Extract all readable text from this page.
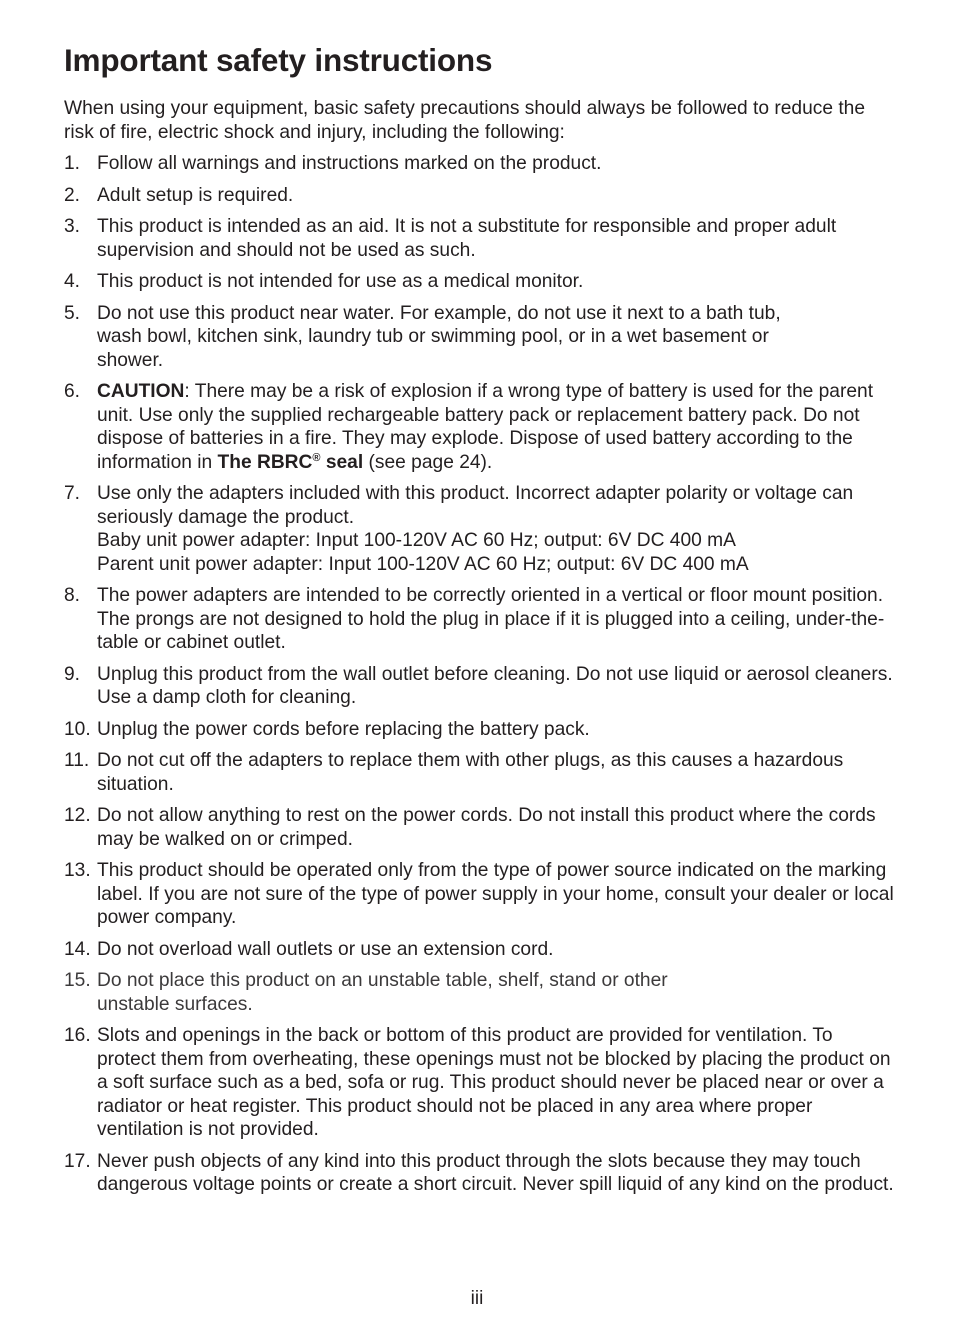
Important safety instructions

When using your equipment, basic safety precautions should always be followed to reduce the risk of fire, electric shock and injury, including the following:

1. Follow all warnings and instructions marked on the product.
2. Adult setup is required.
3. This product is intended as an aid. It is not a substitute for responsible and proper adult supervision and should not be used as such.
4. This product is not intended for use as a medical monitor.
5. Do not use this product near water. For example, do not use it next to a bath tub, wash bowl, kitchen sink, laundry tub or swimming pool, or in a wet basement or shower.
6. CAUTION: There may be a risk of explosion if a wrong type of battery is used for the parent unit. Use only the supplied rechargeable battery pack or replacement battery pack. Do not dispose of batteries in a fire. They may explode. Dispose of used battery according to the information in The RBRC® seal (see page 24).
7. Use only the adapters included with this product. Incorrect adapter polarity or voltage can seriously damage the product.
Baby unit power adapter: Input 100-120V AC 60 Hz; output: 6V DC 400 mA
Parent unit power adapter: Input 100-120V AC 60 Hz; output: 6V DC 400 mA
8. The power adapters are intended to be correctly oriented in a vertical or floor mount position. The prongs are not designed to hold the plug in place if it is plugged into a ceiling, under-the-table or cabinet outlet.
9. Unplug this product from the wall outlet before cleaning. Do not use liquid or aerosol cleaners. Use a damp cloth for cleaning.
10. Unplug the power cords before replacing the battery pack.
11. Do not cut off the adapters to replace them with other plugs, as this causes a hazardous situation.
12. Do not allow anything to rest on the power cords. Do not install this product where the cords may be walked on or crimped.
13. This product should be operated only from the type of power source indicated on the marking label. If you are not sure of the type of power supply in your home, consult your dealer or local power company.
14. Do not overload wall outlets or use an extension cord.
15. Do not place this product on an unstable table, shelf, stand or other unstable surfaces.
16. Slots and openings in the back or bottom of this product are provided for ventilation. To protect them from overheating, these openings must not be blocked by placing the product on a soft surface such as a bed, sofa or rug. This product should never be placed near or over a radiator or heat register. This product should not be placed in any area where proper ventilation is not provided.
17. Never push objects of any kind into this product through the slots because they may touch dangerous voltage points or create a short circuit. Never spill liquid of any kind on the product.
iii
